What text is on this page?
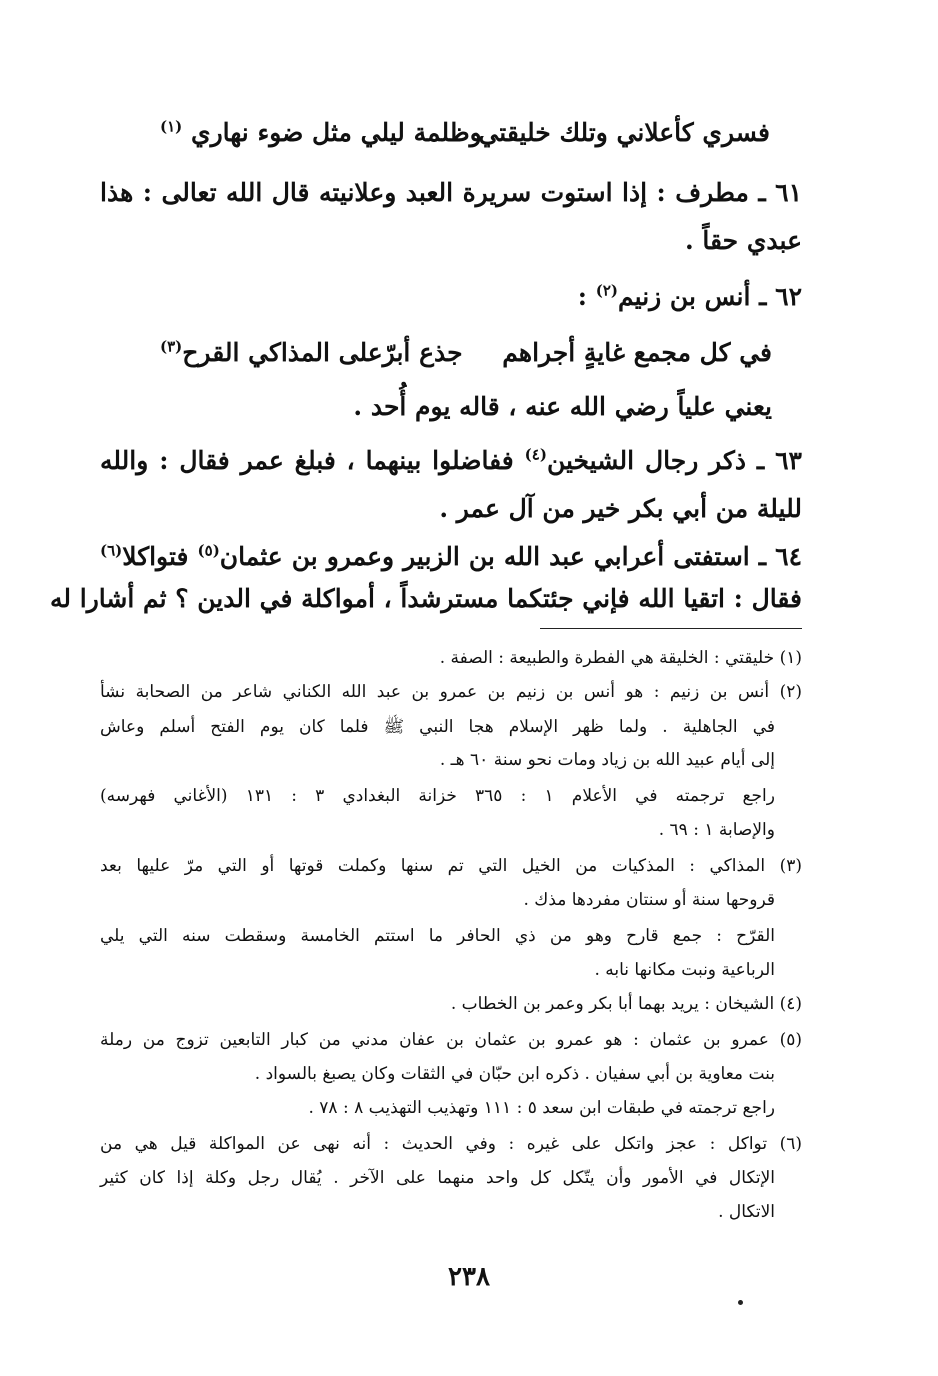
فسري كأعلاني وتلك خليقتي
وظلمة ليلي مثل ضوء نهاري $^{(١)}$
٦١ ـ مطرف : إذا استوت سريرة العبد وعلانيته قال الله تعالى : هذا
عبدي حقاً .
٦٢ ـ أنس بن زنيم$^{(٢)}$ :
في كل مجمع غايةٍ أجراهم
جذع أبرّعلى المذاكي القرح$^{(٣)}$
يعني علياً رضي الله عنه ، قاله يوم أُحد .
٦٣ ـ ذكر رجال الشيخين$^{(٤)}$ ففاضلوا بينهما ، فبلغ عمر فقال : والله
لليلة من أبي بكر خير من آل عمر .
٦٤ ـ استفتى أعرابي عبد الله بن الزبير وعمرو بن عثمان$^{(٥)}$ فتواكلا$^{(٦)}$
فقال : اتقيا الله فإني جئتكما مسترشداً ، أمواكلة في الدين ؟ ثم أشارا له
(١) خليقتي : الخليقة هي الفطرة والطبيعة : الصفة .
(٢) أنس بن زنيم : هو أنس بن زنيم بن عمرو بن عبد الله الكناني شاعر من الصحابة نشأ
في الجاهلية . ولما ظهر الإسلام هجا النبي ﷺ فلما كان يوم الفتح أسلم وعاش
إلى أيام عبيد الله بن زياد ومات نحو سنة ٦٠ هـ .
راجع ترجمته في الأعلام ١ : ٣٦٥ خزانة البغدادي ٣ : ١٣١ (الأغاني فهرسه)
والإصابة ١ : ٦٩ .
(٣) المذاكي : المذكيات من الخيل التي تم سنها وكملت قوتها أو التي مرّ عليها بعد
قروحها سنة أو سنتان مفردها مذك .
القرّح : جمع قارح وهو من ذي الحافر ما استتم الخامسة وسقطت سنه التي يلي
الرباعية ونبت مكانها نابه .
(٤) الشيخان : يريد بهما أبا بكر وعمر بن الخطاب .
(٥) عمرو بن عثمان : هو عمرو بن عثمان بن عفان مدني من كبار التابعين تزوج من رملة
بنت معاوية بن أبي سفيان . ذكره ابن حبّان في الثقات وكان يصبغ بالسواد .
راجع ترجمته في طبقات ابن سعد ٥ : ١١١ وتهذيب التهذيب ٨ : ٧٨ .
(٦) تواكل : عجز واتكل على غيره : وفي الحديث : أنه نهى عن المواكلة قيل هي من
الإتكال في الأمور وأن يتّكل كل واحد منهما على الآخر . يُقال رجل وكلة إذا كان كثير
الاتكال .
٢٣٨
